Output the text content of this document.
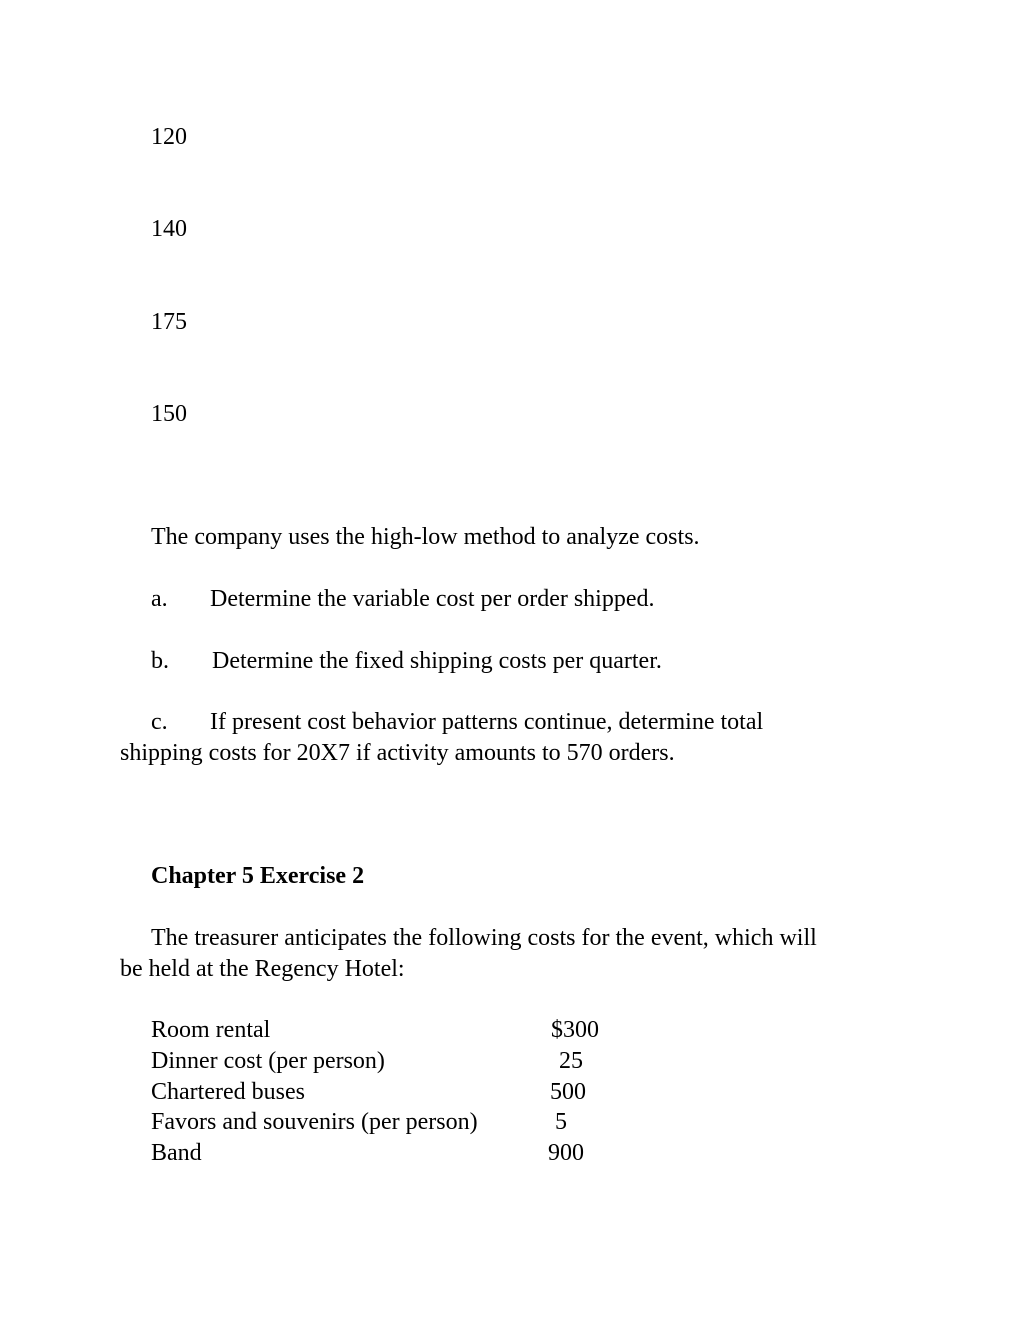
120
140
175
150
The company uses the high-low method to analyze costs.
a. Determine the variable cost per order shipped.
b. Determine the fixed shipping costs per quarter.
c. If present cost behavior patterns continue, determine total
shipping costs for 20X7 if activity amounts to 570 orders.
Chapter 5 Exercise 2
The treasurer anticipates the following costs for the event, which will
be held at the Regency Hotel:
Room rental	$300
Dinner cost (per person)	25
Chartered buses	500
Favors and souvenirs (per person)	5
Band	900
